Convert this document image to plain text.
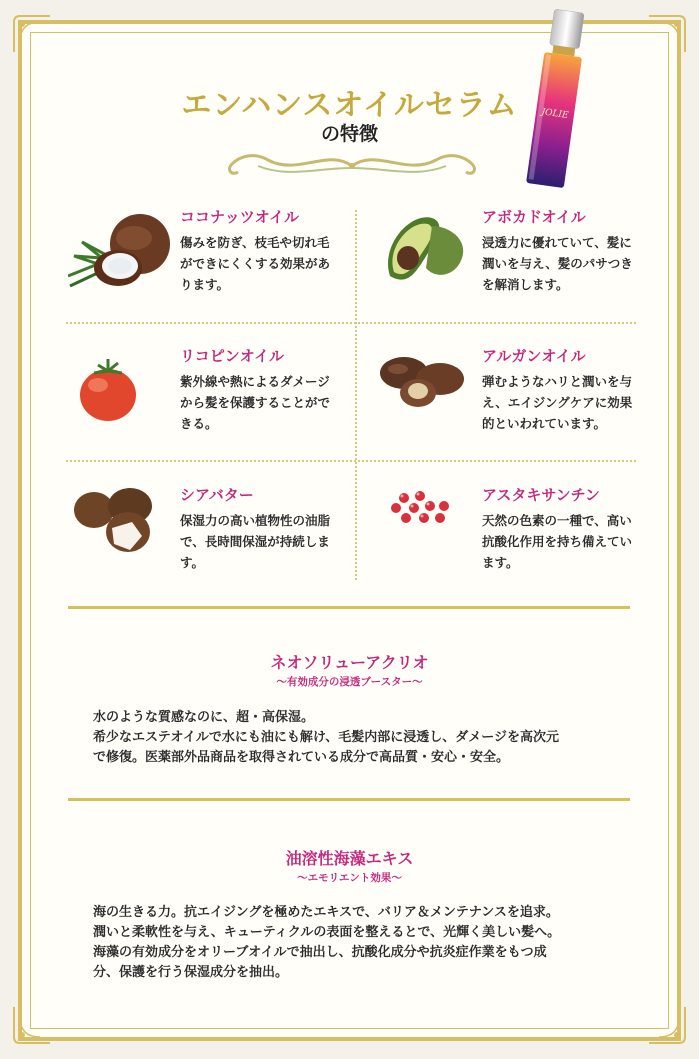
JOLIE
エンハンスオイルセラム
の特徴
ココナッツオイル
傷みを防ぎ、枝毛や切れ毛ができにくくする効果があります。
アボカドオイル
浸透力に優れていて、髪に潤いを与え、髪のパサつきを解消します。
リコピンオイル
紫外線や熱によるダメージから髪を保護することができる。
アルガンオイル
弾むようなハリと潤いを与え、エイジングケアに効果的といわれています。
シアバター
保湿力の高い植物性の油脂で、長時間保湿が持続します。
アスタキサンチン
天然の色素の一種で、高い抗酸化作用を持ち備えています。
ネオソリューアクリオ
〜有効成分の浸透ブースター〜
水のような質感なのに、超・高保湿。
希少なエステオイルで水にも油にも解け、毛髪内部に浸透し、ダメージを高次元
で修復。医薬部外品商品を取得されている成分で高品質・安心・安全。
油溶性海藻エキス
〜エモリエント効果〜
海の生きる力。抗エイジングを極めたエキスで、バリア＆メンテナンスを追求。
潤いと柔軟性を与え、キューティクルの表面を整えるとで、光輝く美しい髪へ。
海藻の有効成分をオリーブオイルで抽出し、抗酸化成分や抗炎症作業をもつ成
分、保護を行う保湿成分を抽出。
